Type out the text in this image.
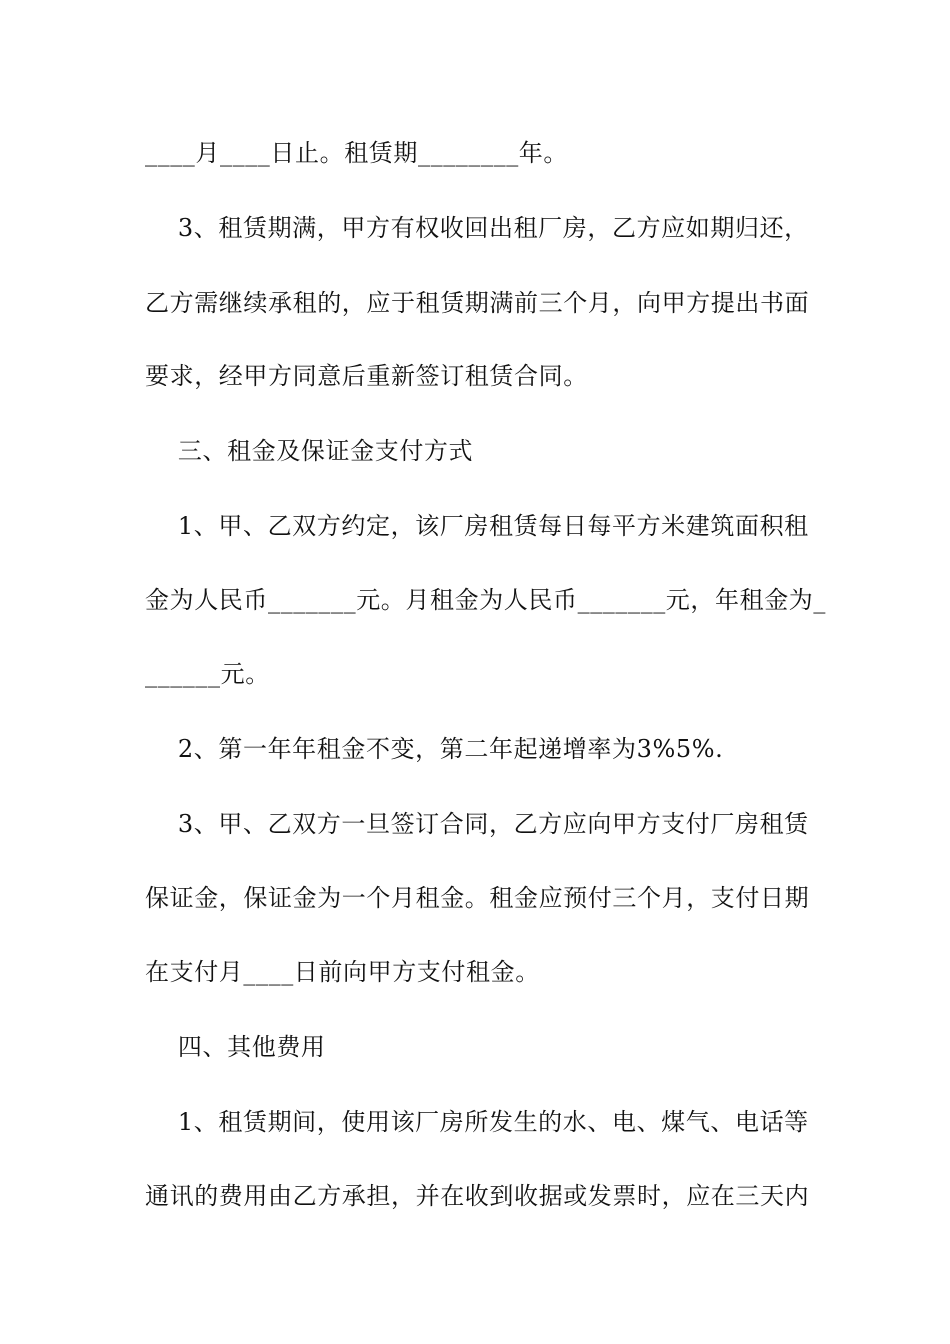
____月____日止。租赁期________年。
3、租赁期满，甲方有权收回出租厂房，乙方应如期归还，
乙方需继续承租的，应于租赁期满前三个月，向甲方提出书面
要求，经甲方同意后重新签订租赁合同。
三、租金及保证金支付方式
1、甲、乙双方约定，该厂房租赁每日每平方米建筑面积租
金为人民币_______元。月租金为人民币_______元，年租金为_
______元。
2、第一年年租金不变，第二年起递增率为3%5%.
3、甲、乙双方一旦签订合同，乙方应向甲方支付厂房租赁
保证金，保证金为一个月租金。租金应预付三个月，支付日期
在支付月____日前向甲方支付租金。
四、其他费用
1、租赁期间，使用该厂房所发生的水、电、煤气、电话等
通讯的费用由乙方承担，并在收到收据或发票时，应在三天内
